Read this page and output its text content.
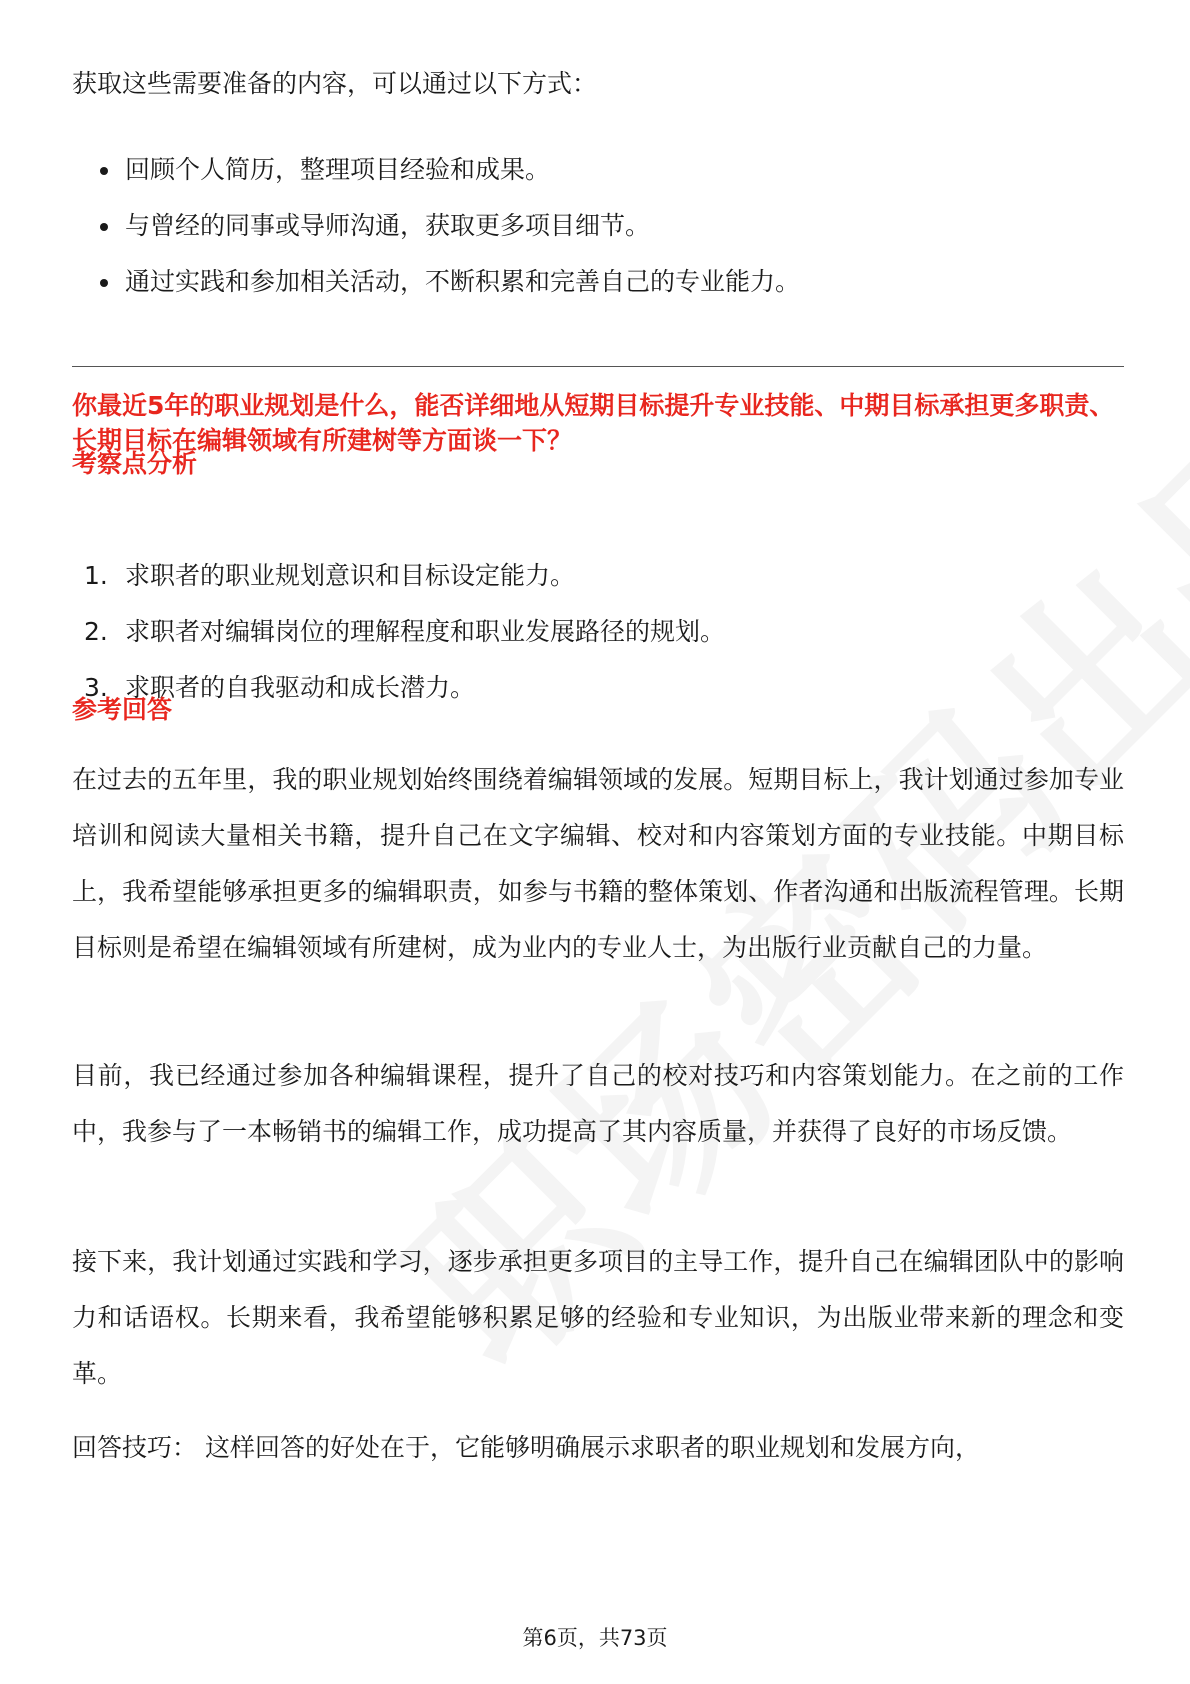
获取这些需要准备的内容，可以通过以下方式：

回顾个人简历，整理项目经验和成果。
与曾经的同事或导师沟通，获取更多项目细节。
通过实践和参加相关活动，不断积累和完善自己的专业能力。

你最近5年的职业规划是什么，能否详细地从短期目标提升专业技能、中期目标承担更多职责、长期目标在编辑领域有所建树等方面谈一下？

考察点分析

1. 求职者的职业规划意识和目标设定能力。
2. 求职者对编辑岗位的理解程度和职业发展路径的规划。
3. 求职者的自我驱动和成长潜力。

参考回答

在过去的五年里，我的职业规划始终围绕着编辑领域的发展。短期目标上，我计划通过参加专业培训和阅读大量相关书籍，提升自己在文字编辑、校对和内容策划方面的专业技能。中期目标上，我希望能够承担更多的编辑职责，如参与书籍的整体策划、作者沟通和出版流程管理。长期目标则是希望在编辑领域有所建树，成为业内的专业人士，为出版行业贡献自己的力量。

目前，我已经通过参加各种编辑课程，提升了自己的校对技巧和内容策划能力。在之前的工作中，我参与了一本畅销书的编辑工作，成功提高了其内容质量，并获得了良好的市场反馈。

接下来，我计划通过实践和学习，逐步承担更多项目的主导工作，提升自己在编辑团队中的影响力和话语权。长期来看，我希望能够积累足够的经验和专业知识，为出版业带来新的理念和变革。

回答技巧： 这样回答的好处在于，它能够明确展示求职者的职业规划和发展方向，

第6页，共73页
